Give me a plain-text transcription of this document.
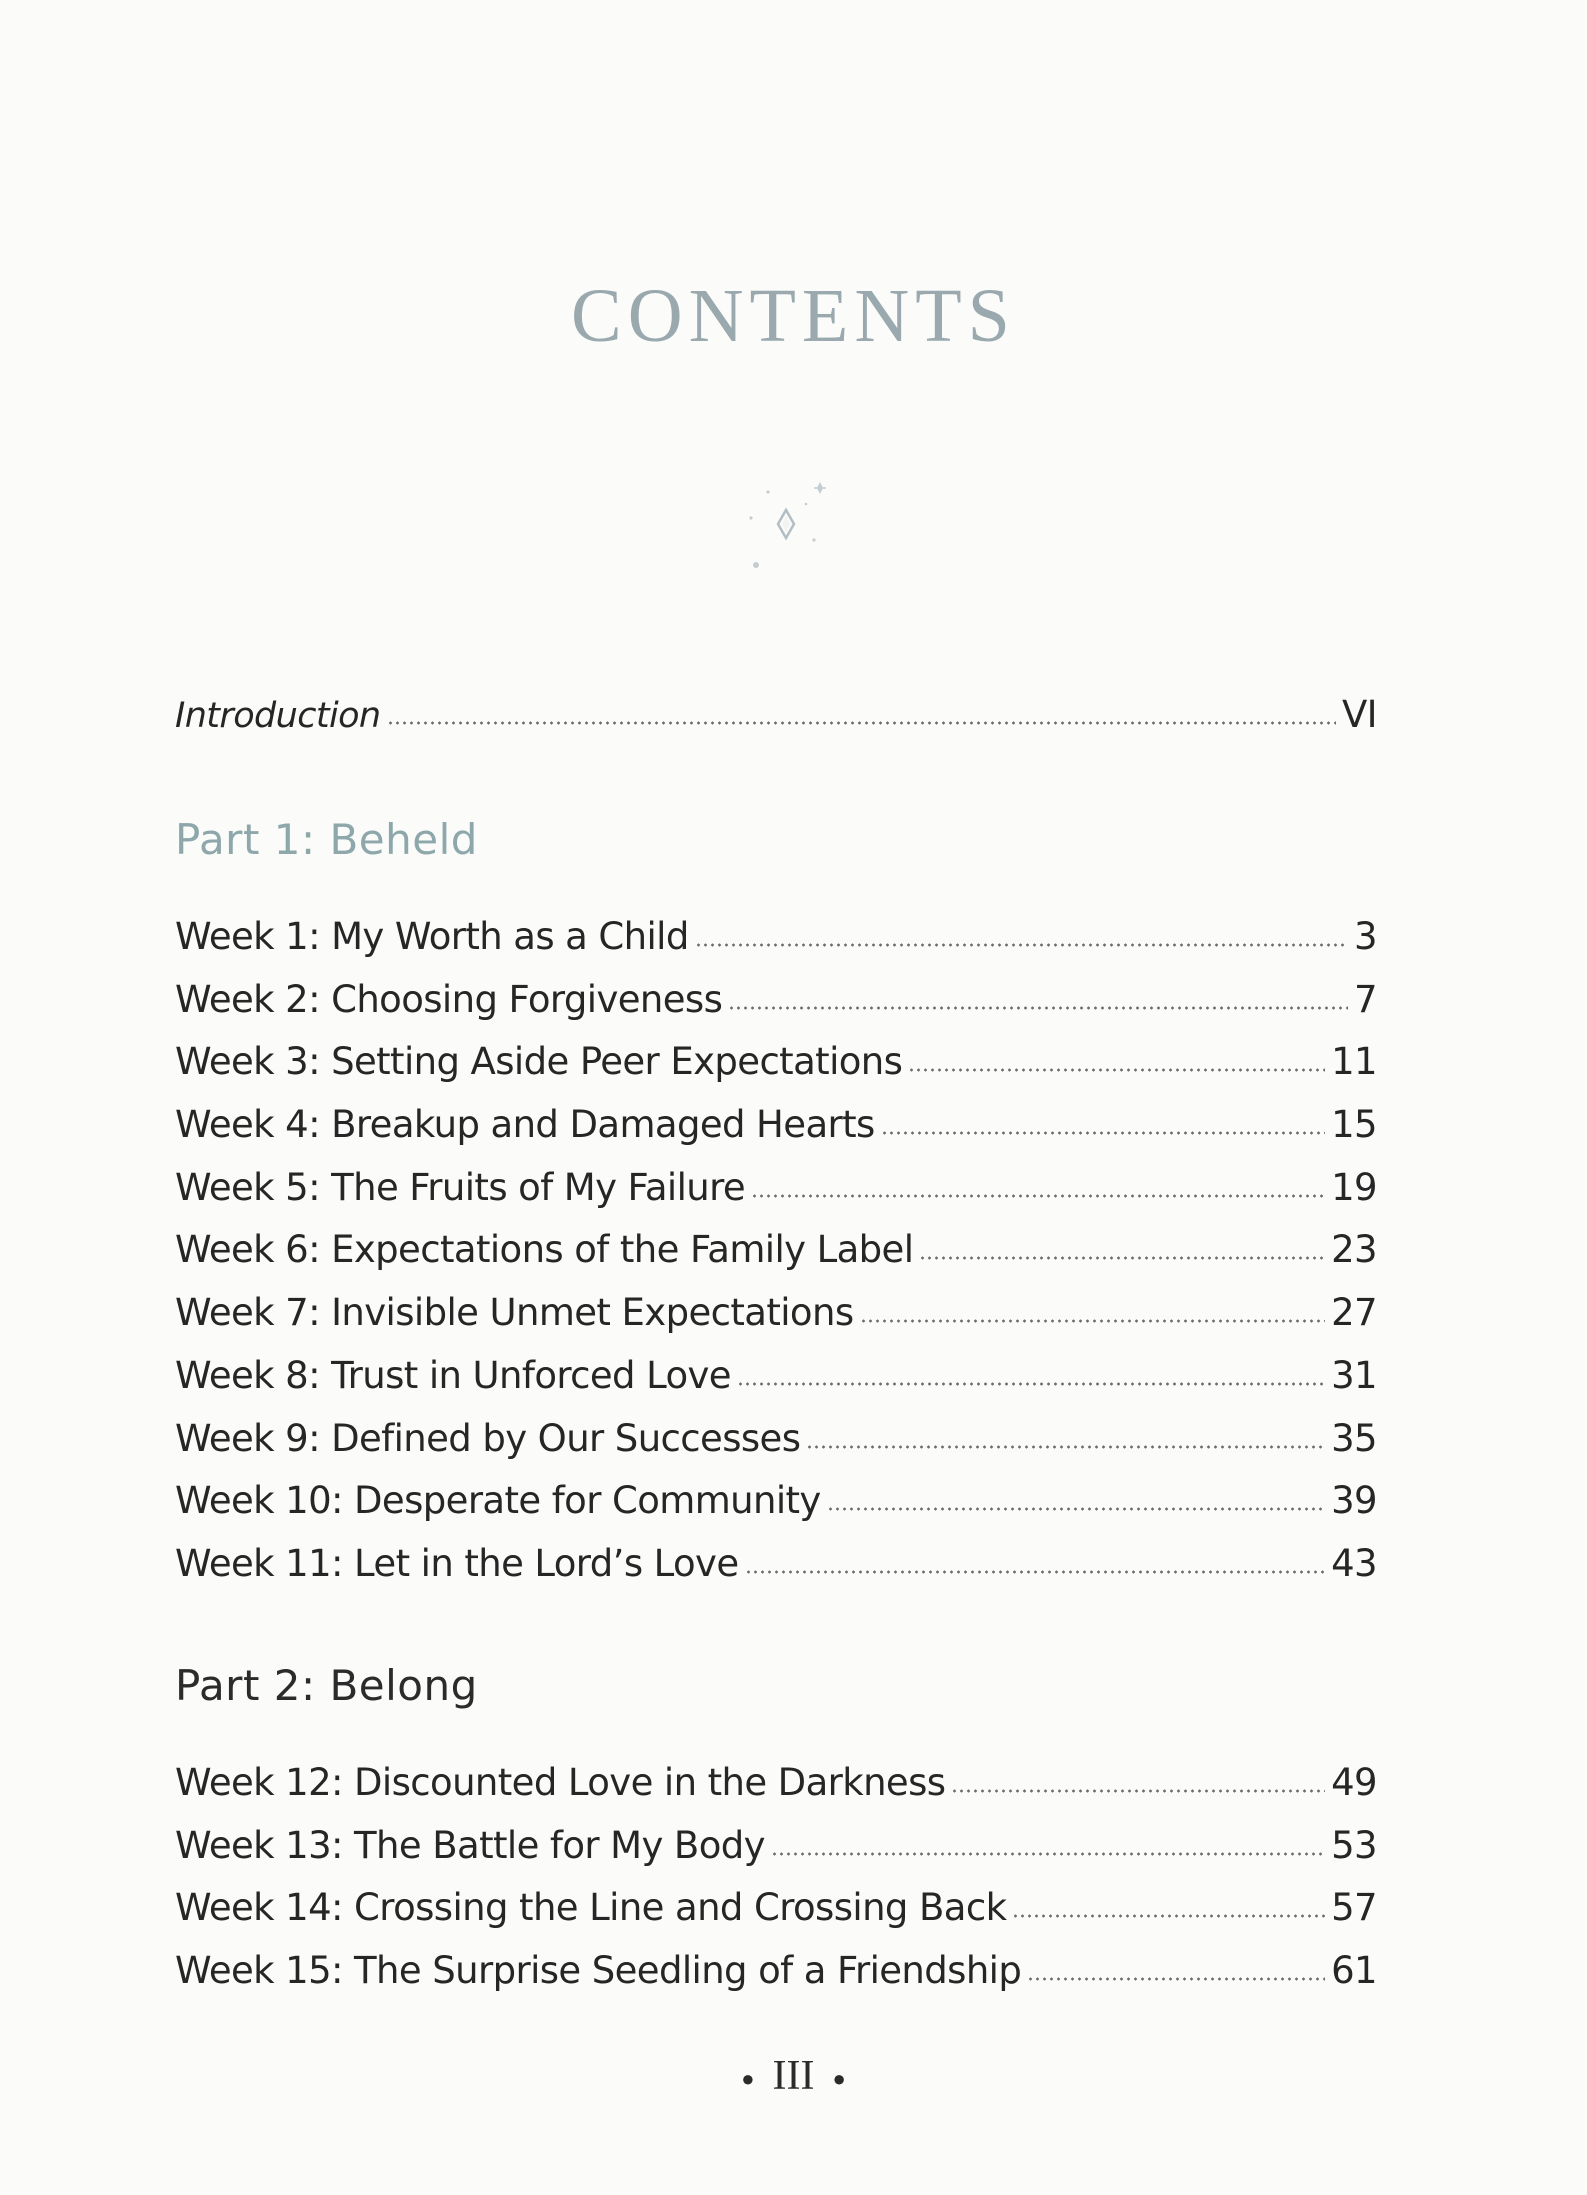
CONTENTS
Introduction	VI
Part 1: Beheld
Week 1: My Worth as a Child	3
Week 2: Choosing Forgiveness	7
Week 3: Setting Aside Peer Expectations	11
Week 4: Breakup and Damaged Hearts	15
Week 5: The Fruits of My Failure	19
Week 6: Expectations of the Family Label	23
Week 7: Invisible Unmet Expectations	27
Week 8: Trust in Unforced Love	31
Week 9: Defined by Our Successes	35
Week 10: Desperate for Community	39
Week 11: Let in the Lord’s Love	43
Part 2: Belong
Week 12: Discounted Love in the Darkness	49
Week 13: The Battle for My Body	53
Week 14: Crossing the Line and Crossing Back	57
Week 15: The Surprise Seedling of a Friendship	61
● III ●
